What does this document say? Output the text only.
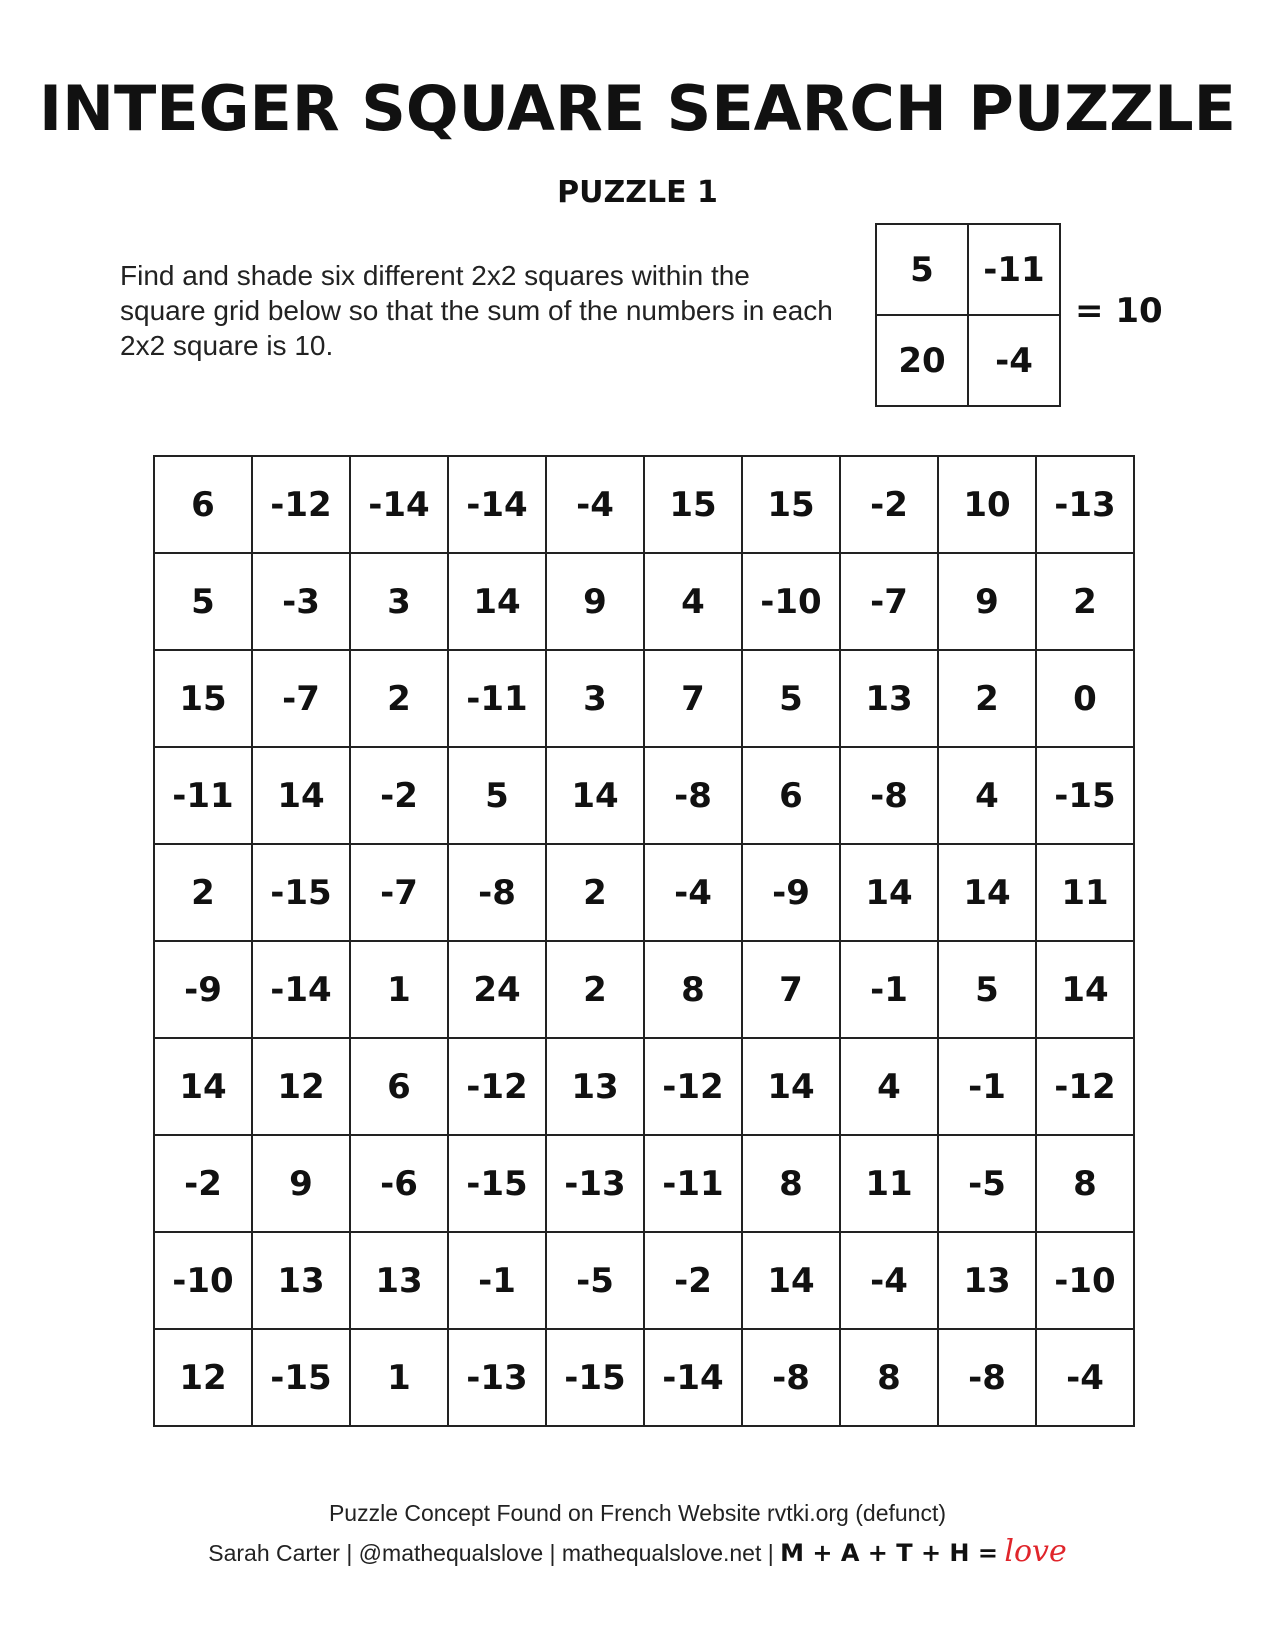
INTEGER SQUARE SEARCH PUZZLE
PUZZLE 1

Find and shade six different 2x2 squares within the square grid below so that the sum of the numbers in each 2x2 square is 10.

5	-11
20	-4
= 10
6	-12	-14	-14	-4	15	15	-2	10	-13
5	-3	3	14	9	4	-10	-7	9	2
15	-7	2	-11	3	7	5	13	2	0
-11	14	-2	5	14	-8	6	-8	4	-15
2	-15	-7	-8	2	-4	-9	14	14	11
-9	-14	1	24	2	8	7	-1	5	14
14	12	6	-12	13	-12	14	4	-1	-12
-2	9	-6	-15	-13	-11	8	11	-5	8
-10	13	13	-1	-5	-2	14	-4	13	-10
12	-15	1	-13	-15	-14	-8	8	-8	-4
Puzzle Concept Found on French Website rvtki.org (defunct)
Sarah Carter | @mathequalslove | mathequalslove.net | M + A + T + H = love
